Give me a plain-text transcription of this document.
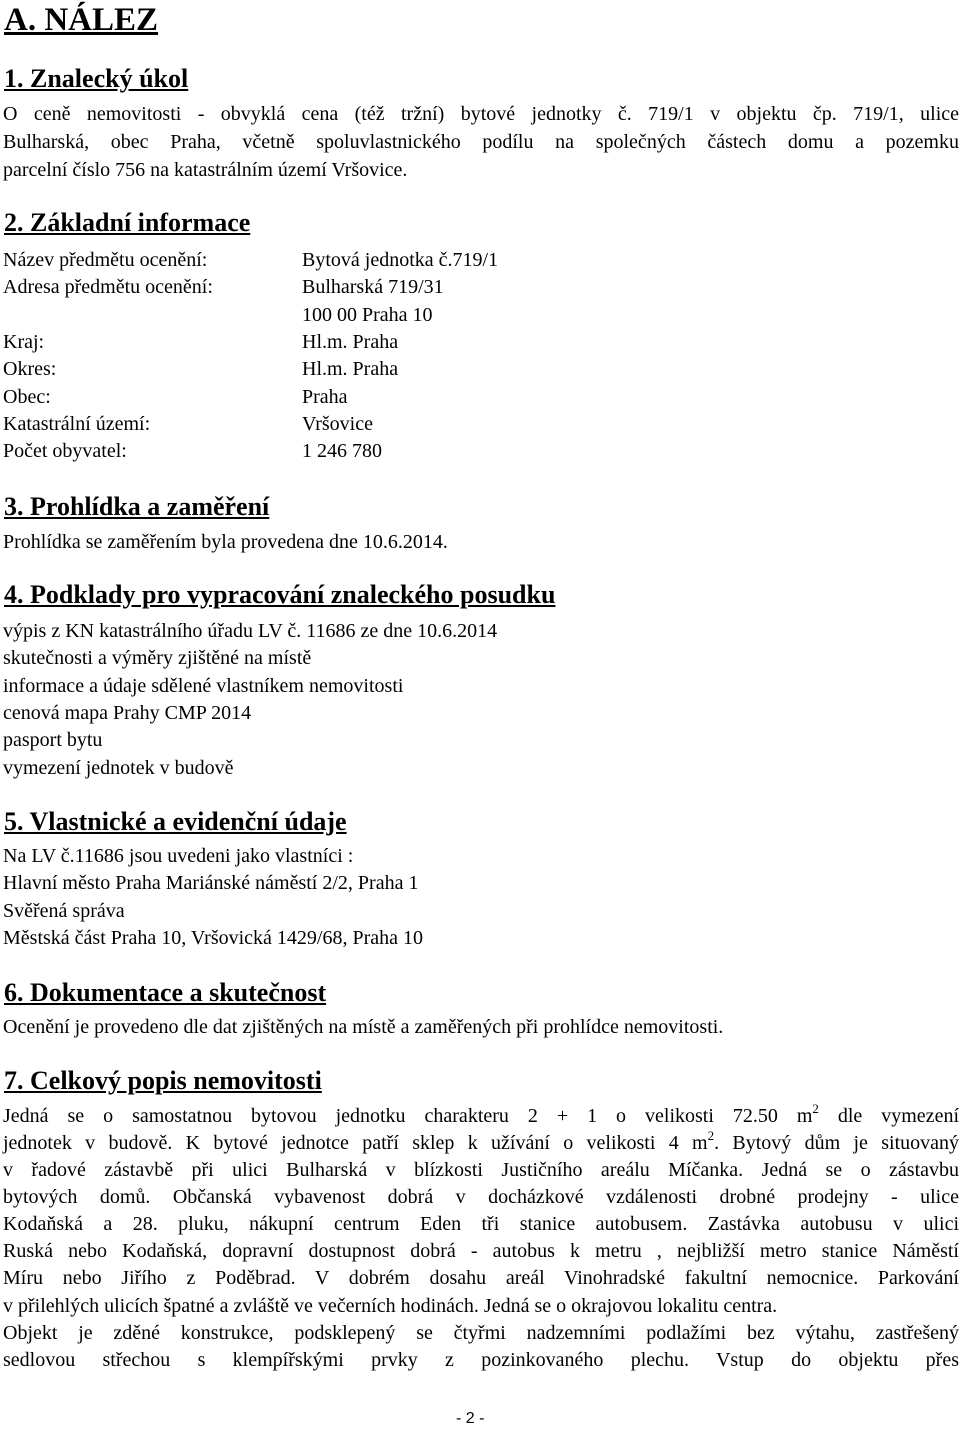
A. NÁLEZ
1. Znalecký úkol
O ceně nemovitosti - obvyklá cena (též tržní) bytové jednotky č. 719/1 v objektu čp. 719/1, ulice
Bulharská, obec Praha, včetně spoluvlastnického podílu na společných částech domu a pozemku
parcelní číslo 756 na katastrálním území Vršovice.
2. Základní informace
Název předmětu ocenění:	Bytová jednotka č.719/1
Adresa předmětu ocenění:	Bulharská 719/31
100 00 Praha 10
Kraj:	Hl.m. Praha
Okres:	Hl.m. Praha
Obec:	Praha
Katastrální území:	Vršovice
Počet obyvatel:	1 246 780
3. Prohlídka a zaměření
Prohlídka se zaměřením byla provedena dne 10.6.2014.
4. Podklady pro vypracování znaleckého posudku
výpis z KN katastrálního úřadu LV č. 11686 ze dne 10.6.2014
skutečnosti a výměry zjištěné na místě
informace a údaje sdělené vlastníkem nemovitosti
cenová mapa Prahy CMP 2014
pasport bytu
vymezení jednotek v budově
5. Vlastnické a evidenční údaje
Na LV č.11686 jsou uvedeni jako vlastníci :
Hlavní město Praha Mariánské náměstí 2/2, Praha 1
Svěřená správa
Městská část Praha 10, Vršovická 1429/68, Praha 10
6. Dokumentace a skutečnost
Ocenění je provedeno dle dat zjištěných na místě a zaměřených při prohlídce nemovitosti.
7. Celkový popis nemovitosti
Jedná se o samostatnou bytovou jednotku charakteru 2 + 1 o velikosti 72.50 $m^2$ dle vymezení
jednotek v budově. K bytové jednotce patří sklep k užívání o velikosti 4 $m^2$. Bytový dům je situovaný
v řadové zástavbě při ulici Bulharská v blízkosti Justičního areálu Míčanka. Jedná se o zástavbu
bytových domů. Občanská vybavenost dobrá v docházkové vzdálenosti drobné prodejny - ulice
Kodaňská a 28. pluku, nákupní centrum Eden tři stanice autobusem. Zastávka autobusu v ulici
Ruská nebo Kodaňská, dopravní dostupnost dobrá - autobus k metru , nejbližší metro stanice Náměstí
Míru nebo Jiřího z Poděbrad. V dobrém dosahu areál Vinohradské fakultní nemocnice. Parkování
v přilehlých ulicích špatné a zvláště ve večerních hodinách. Jedná se o okrajovou lokalitu centra.
Objekt je zděné konstrukce, podsklepený se čtyřmi nadzemními podlažími bez výtahu, zastřešený
sedlovou střechou s klempířskými prvky z pozinkovaného plechu. Vstup do objektu přes
- 2 -
